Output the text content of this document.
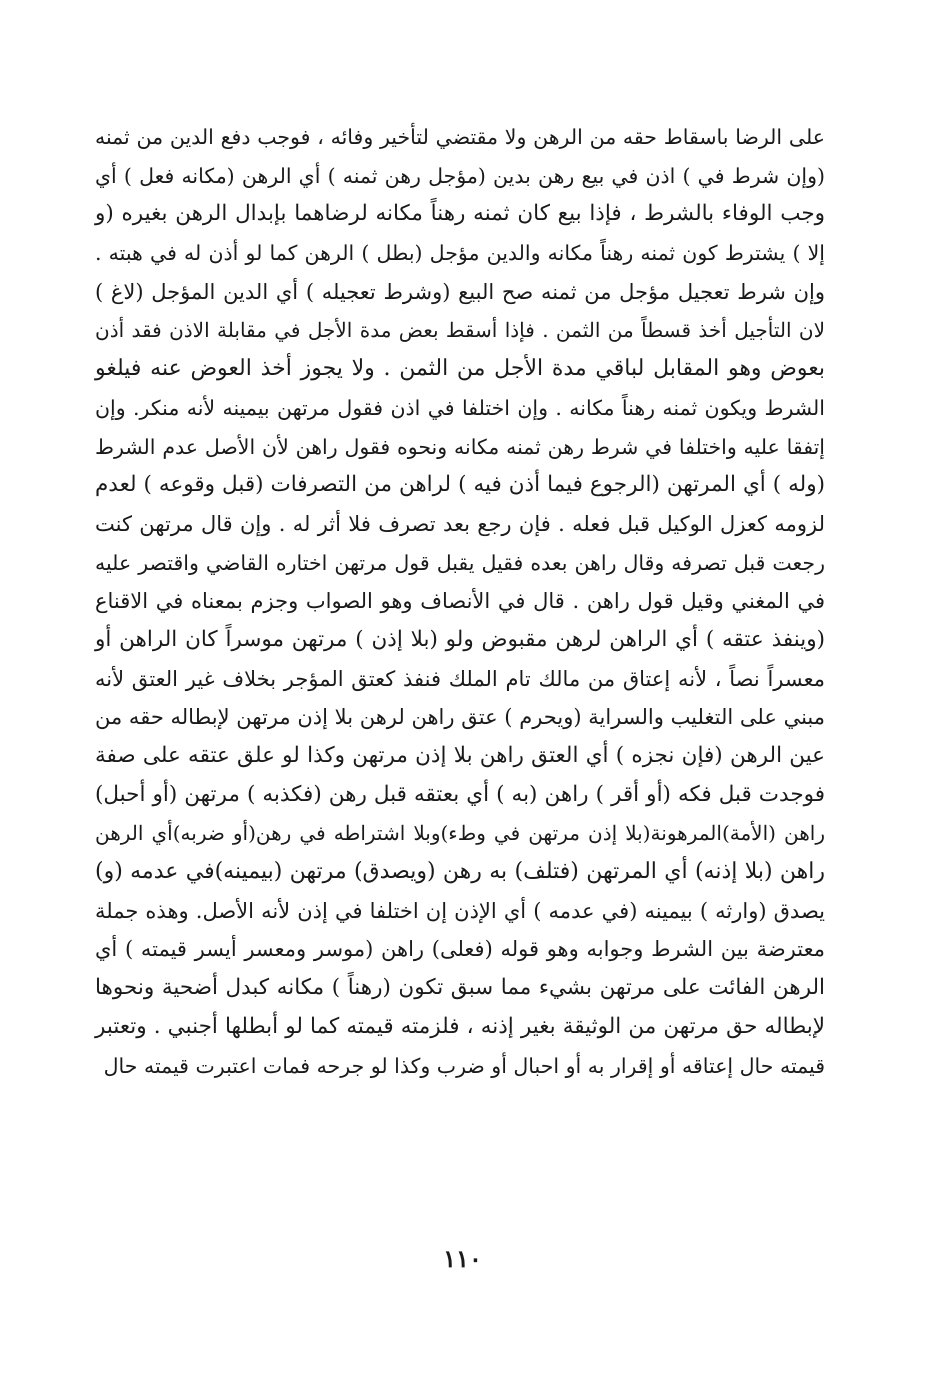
على الرضا باسقاط حقه من الرهن ولا مقتضي لتأخير وفائه ، فوجب دفع الدين من ثمنه
(وإن شرط في ) اذن في بيع رهن بدين (مؤجل رهن ثمنه ) أي الرهن (مكانه فعل ) أي
وجب الوفاء بالشرط ، فإذا بيع كان ثمنه رهناً مكانه لرضاهما بإبدال الرهن بغيره (و
إلا ) يشترط كون ثمنه رهناً مكانه والدين مؤجل (بطل ) الرهن كما لو أذن له في هبته .
وإن شرط تعجيل مؤجل من ثمنه صح البيع (وشرط تعجيله ) أي الدين المؤجل (لاغ )
لان التأجيل أخذ قسطاً من الثمن . فإذا أسقط بعض مدة الأجل في مقابلة الاذن فقد أذن
بعوض وهو المقابل لباقي مدة الأجل من الثمن . ولا يجوز أخذ العوض عنه فيلغو
الشرط ويكون ثمنه رهناً مكانه . وإن اختلفا في اذن فقول مرتهن بيمينه لأنه منكر. وإن
إتفقا عليه واختلفا في شرط رهن ثمنه مكانه ونحوه فقول راهن لأن الأصل عدم الشرط
(وله ) أي المرتهن (الرجوع فيما أذن فيه ) لراهن من التصرفات (قبل وقوعه ) لعدم
لزومه كعزل الوكيل قبل فعله . فإن رجع بعد تصرف فلا أثر له . وإن قال مرتهن كنت
رجعت قبل تصرفه وقال راهن بعده فقيل يقبل قول مرتهن اختاره القاضي واقتصر عليه
في المغني وقيل قول راهن . قال في الأنصاف وهو الصواب وجزم بمعناه في الاقناع
(وينفذ عتقه ) أي الراهن لرهن مقبوض ولو (بلا إذن ) مرتهن موسراً كان الراهن أو
معسراً نصاً ، لأنه إعتاق من مالك تام الملك فنفذ كعتق المؤجر بخلاف غير العتق لأنه
مبني على التغليب والسراية (ويحرم ) عتق راهن لرهن بلا إذن مرتهن لإبطاله حقه من
عين الرهن (فإن نجزه ) أي العتق راهن بلا إذن مرتهن وكذا لو علق عتقه على صفة
فوجدت قبل فكه (أو أقر ) راهن (به ) أي بعتقه قبل رهن (فكذبه ) مرتهن (أو أحبل)
راهن (الأمة)المرهونة(بلا إذن مرتهن في وطء)وبلا اشتراطه في رهن(أو ضربه)أي الرهن
راهن (بلا إذنه) أي المرتهن (فتلف) به رهن (ويصدق) مرتهن (بيمينه)في عدمه (و)
يصدق (وارثه ) بيمينه (في عدمه ) أي الإذن إن اختلفا في إذن لأنه الأصل. وهذه جملة
معترضة بين الشرط وجوابه وهو قوله (فعلى) راهن (موسر ومعسر أيسر قيمته ) أي
الرهن الفائت على مرتهن بشيء مما سبق تكون (رهناً ) مكانه كبدل أضحية ونحوها
لإبطاله حق مرتهن من الوثيقة بغير إذنه ، فلزمته قيمته كما لو أبطلها أجنبي . وتعتبر
قيمته حال إعتاقه أو إقرار به أو احبال أو ضرب وكذا لو جرحه فمات اعتبرت قيمته حال
١١٠
